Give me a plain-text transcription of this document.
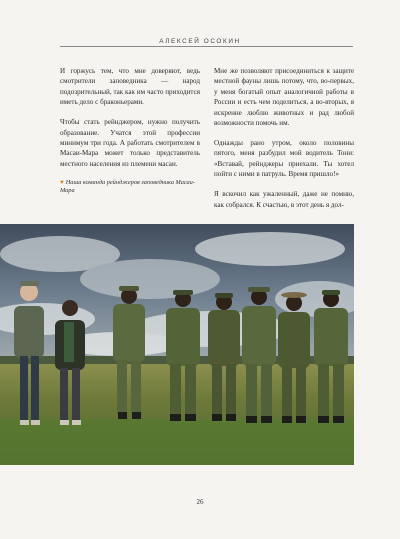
АЛЕКСЕЙ ОСОКИН

И горжусь тем, что мне доверяют, ведь смотрители заповедника — народ подозрительный, так как им часто приходится иметь дело с браконьерами.

Чтобы стать рейнджером, нужно получить образование. Учатся этой профессии минимум три года. А работать смотрителем в Масаи-Мара может только представитель местного населения из племени масаи.

♥ Наша команда рейнджеров заповедника Масаи-Мара

Мне же позволяют присоединиться к защите местной фауны лишь потому, что, во-первых, у меня богатый опыт аналогичной работы в России и есть чем поделиться, а во-вторых, я искренне люблю животных и рад любой возможности помочь им.

Однажды рано утром, около половины пятого, меня разбудил мой водитель Тони: «Вставай, рейнджеры приехали. Ты хотел пойти с ними в патруль. Время пришло!»

Я вскочил как ужаленный, даже не помню, как собрался. К счастью, в этот день я дол-

26
